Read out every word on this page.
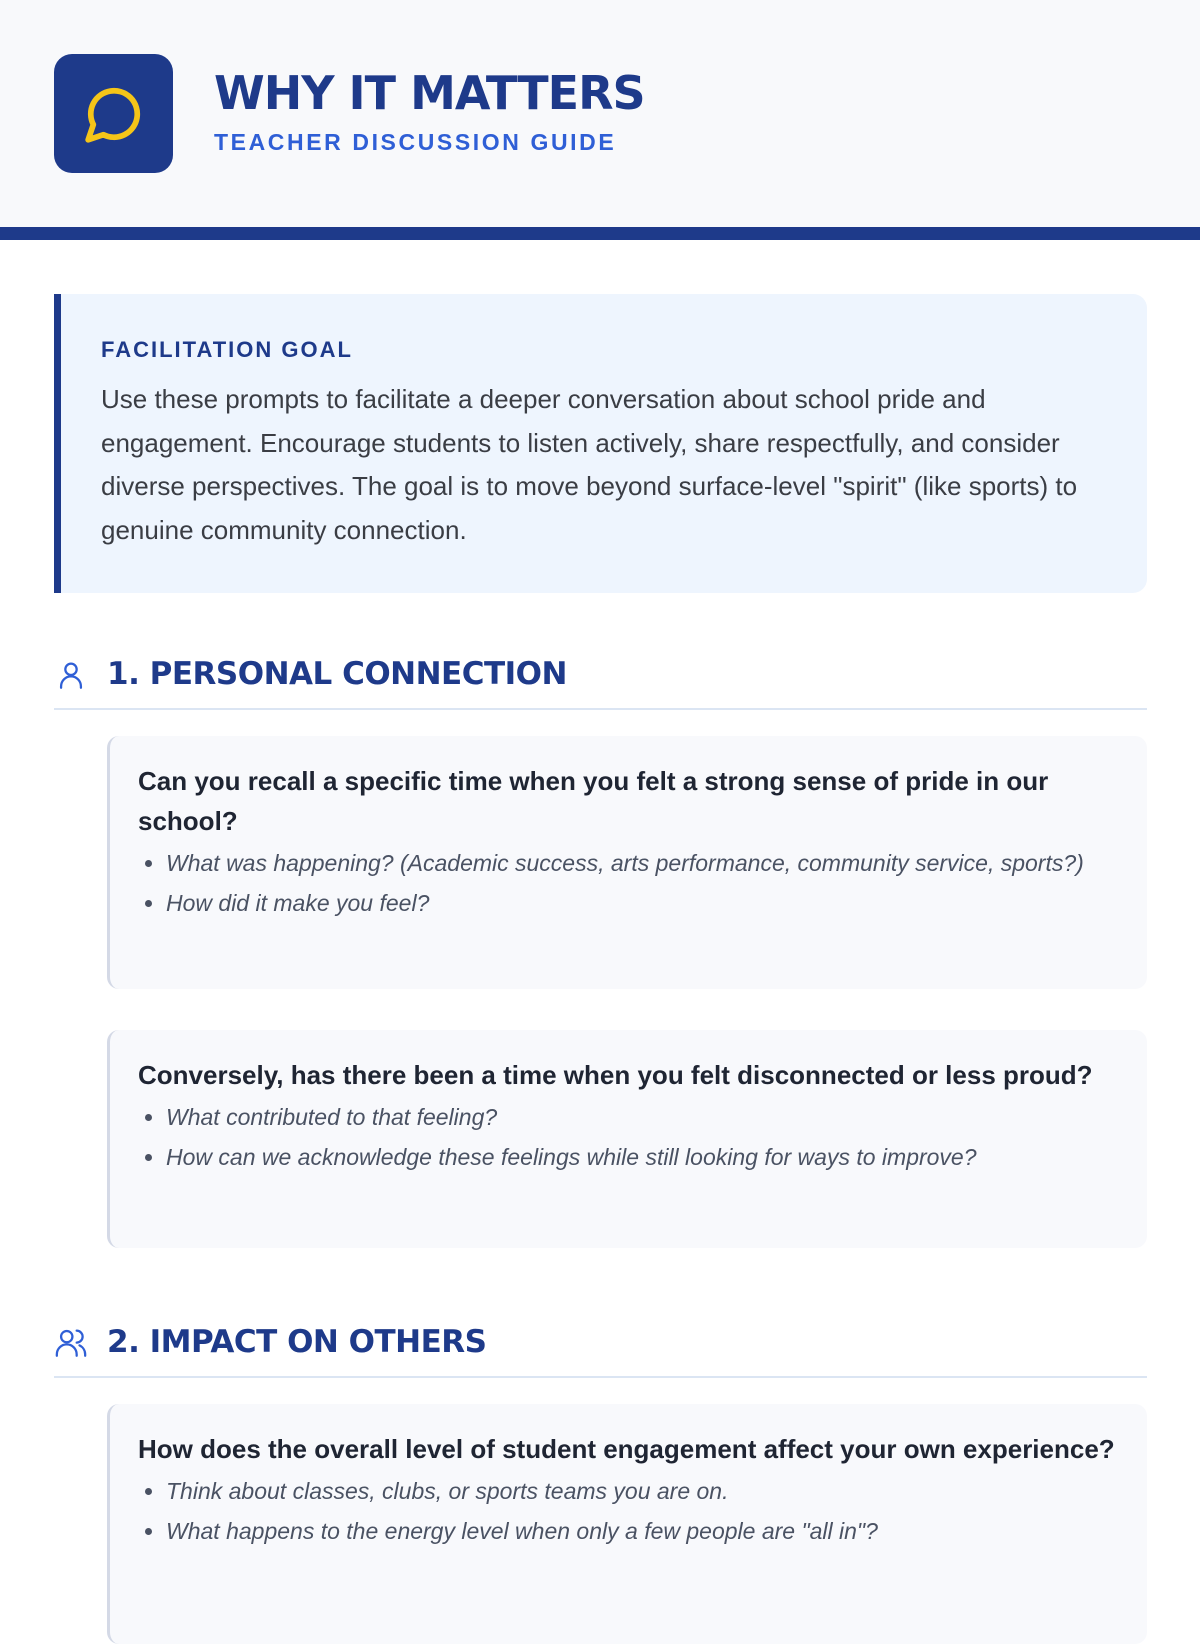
WHY IT MATTERS
TEACHER DISCUSSION GUIDE
FACILITATION GOAL

Use these prompts to facilitate a deeper conversation about school pride and engagement. Encourage students to listen actively, share respectfully, and consider diverse perspectives. The goal is to move beyond surface-level "spirit" (like sports) to genuine community connection.

1. PERSONAL CONNECTION

Can you recall a specific time when you felt a strong sense of pride in our school?

• What was happening? (Academic success, arts performance, community service, sports?)
• How did it make you feel?

Conversely, has there been a time when you felt disconnected or less proud?

• What contributed to that feeling?
• How can we acknowledge these feelings while still looking for ways to improve?
2. IMPACT ON OTHERS

How does the overall level of student engagement affect your own experience?

• Think about classes, clubs, or sports teams you are on.
• What happens to the energy level when only a few people are "all in"?
